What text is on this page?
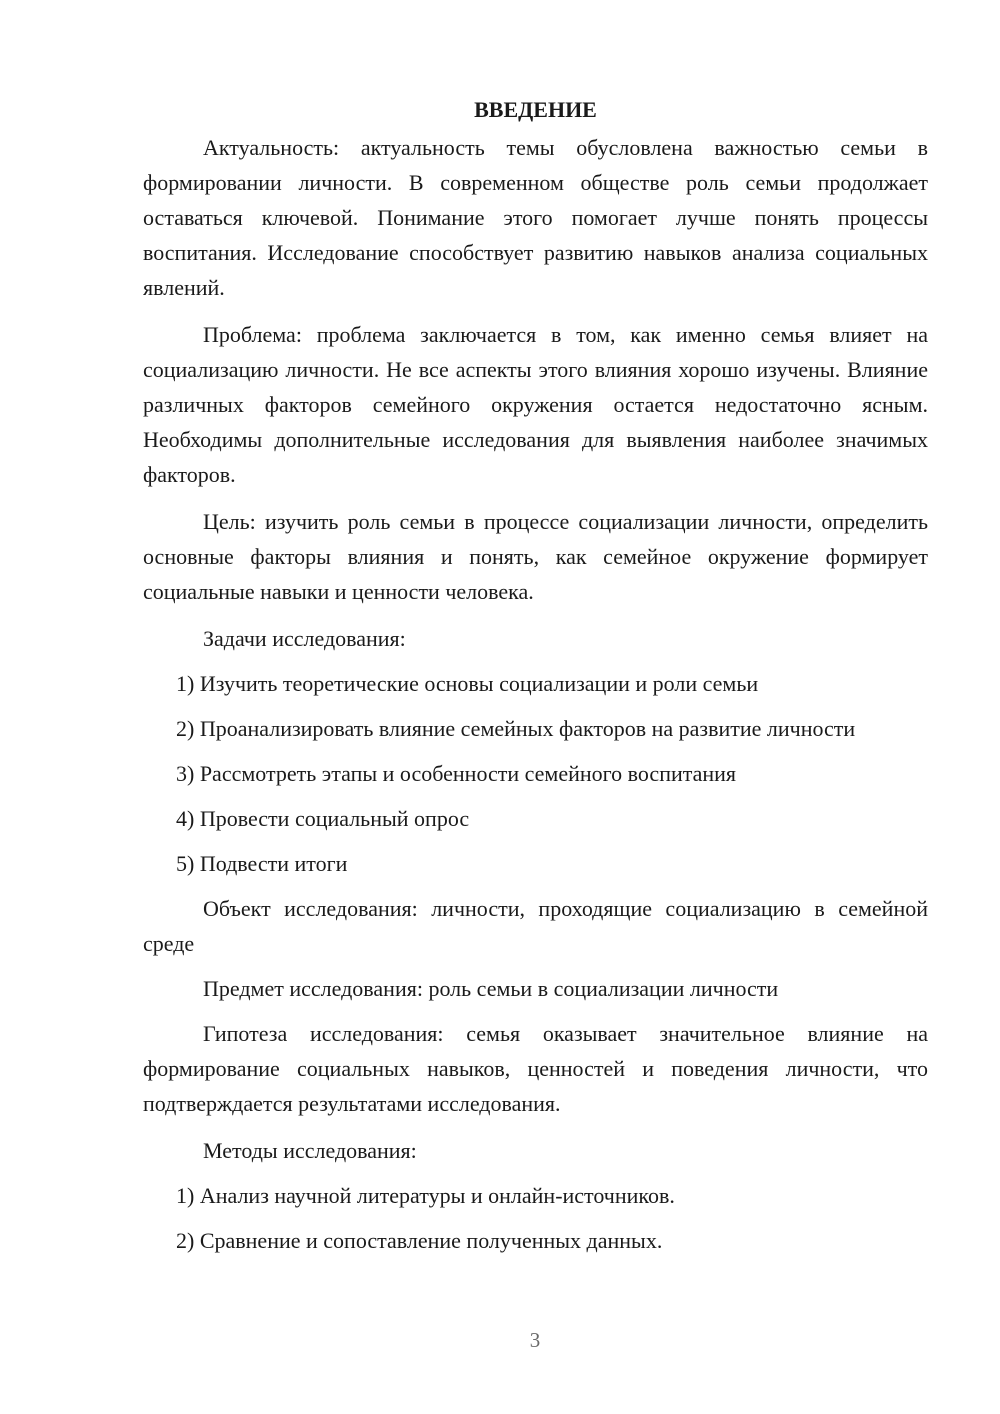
ВВЕДЕНИЕ

Актуальность: актуальность темы обусловлена важностью семьи в формировании личности. В современном обществе роль семьи продолжает оставаться ключевой. Понимание этого помогает лучше понять процессы воспитания. Исследование способствует развитию навыков анализа социальных явлений.

Проблема: проблема заключается в том, как именно семья влияет на социализацию личности. Не все аспекты этого влияния хорошо изучены. Влияние различных факторов семейного окружения остается недостаточно ясным. Необходимы дополнительные исследования для выявления наиболее значимых факторов.

Цель: изучить роль семьи в процессе социализации личности, определить основные факторы влияния и понять, как семейное окружение формирует социальные навыки и ценности человека.

Задачи исследования:

1) Изучить теоретические основы социализации и роли семьи

2) Проанализировать влияние семейных факторов на развитие личности

3) Рассмотреть этапы и особенности семейного воспитания

4) Провести социальный опрос

5) Подвести итоги

Объект исследования: личности, проходящие социализацию в семейной среде

Предмет исследования: роль семьи в социализации личности

Гипотеза исследования: семья оказывает значительное влияние на формирование социальных навыков, ценностей и поведения личности, что подтверждается результатами исследования.

Методы исследования:

1) Анализ научной литературы и онлайн-источников.

2) Сравнение и сопоставление полученных данных.

3
